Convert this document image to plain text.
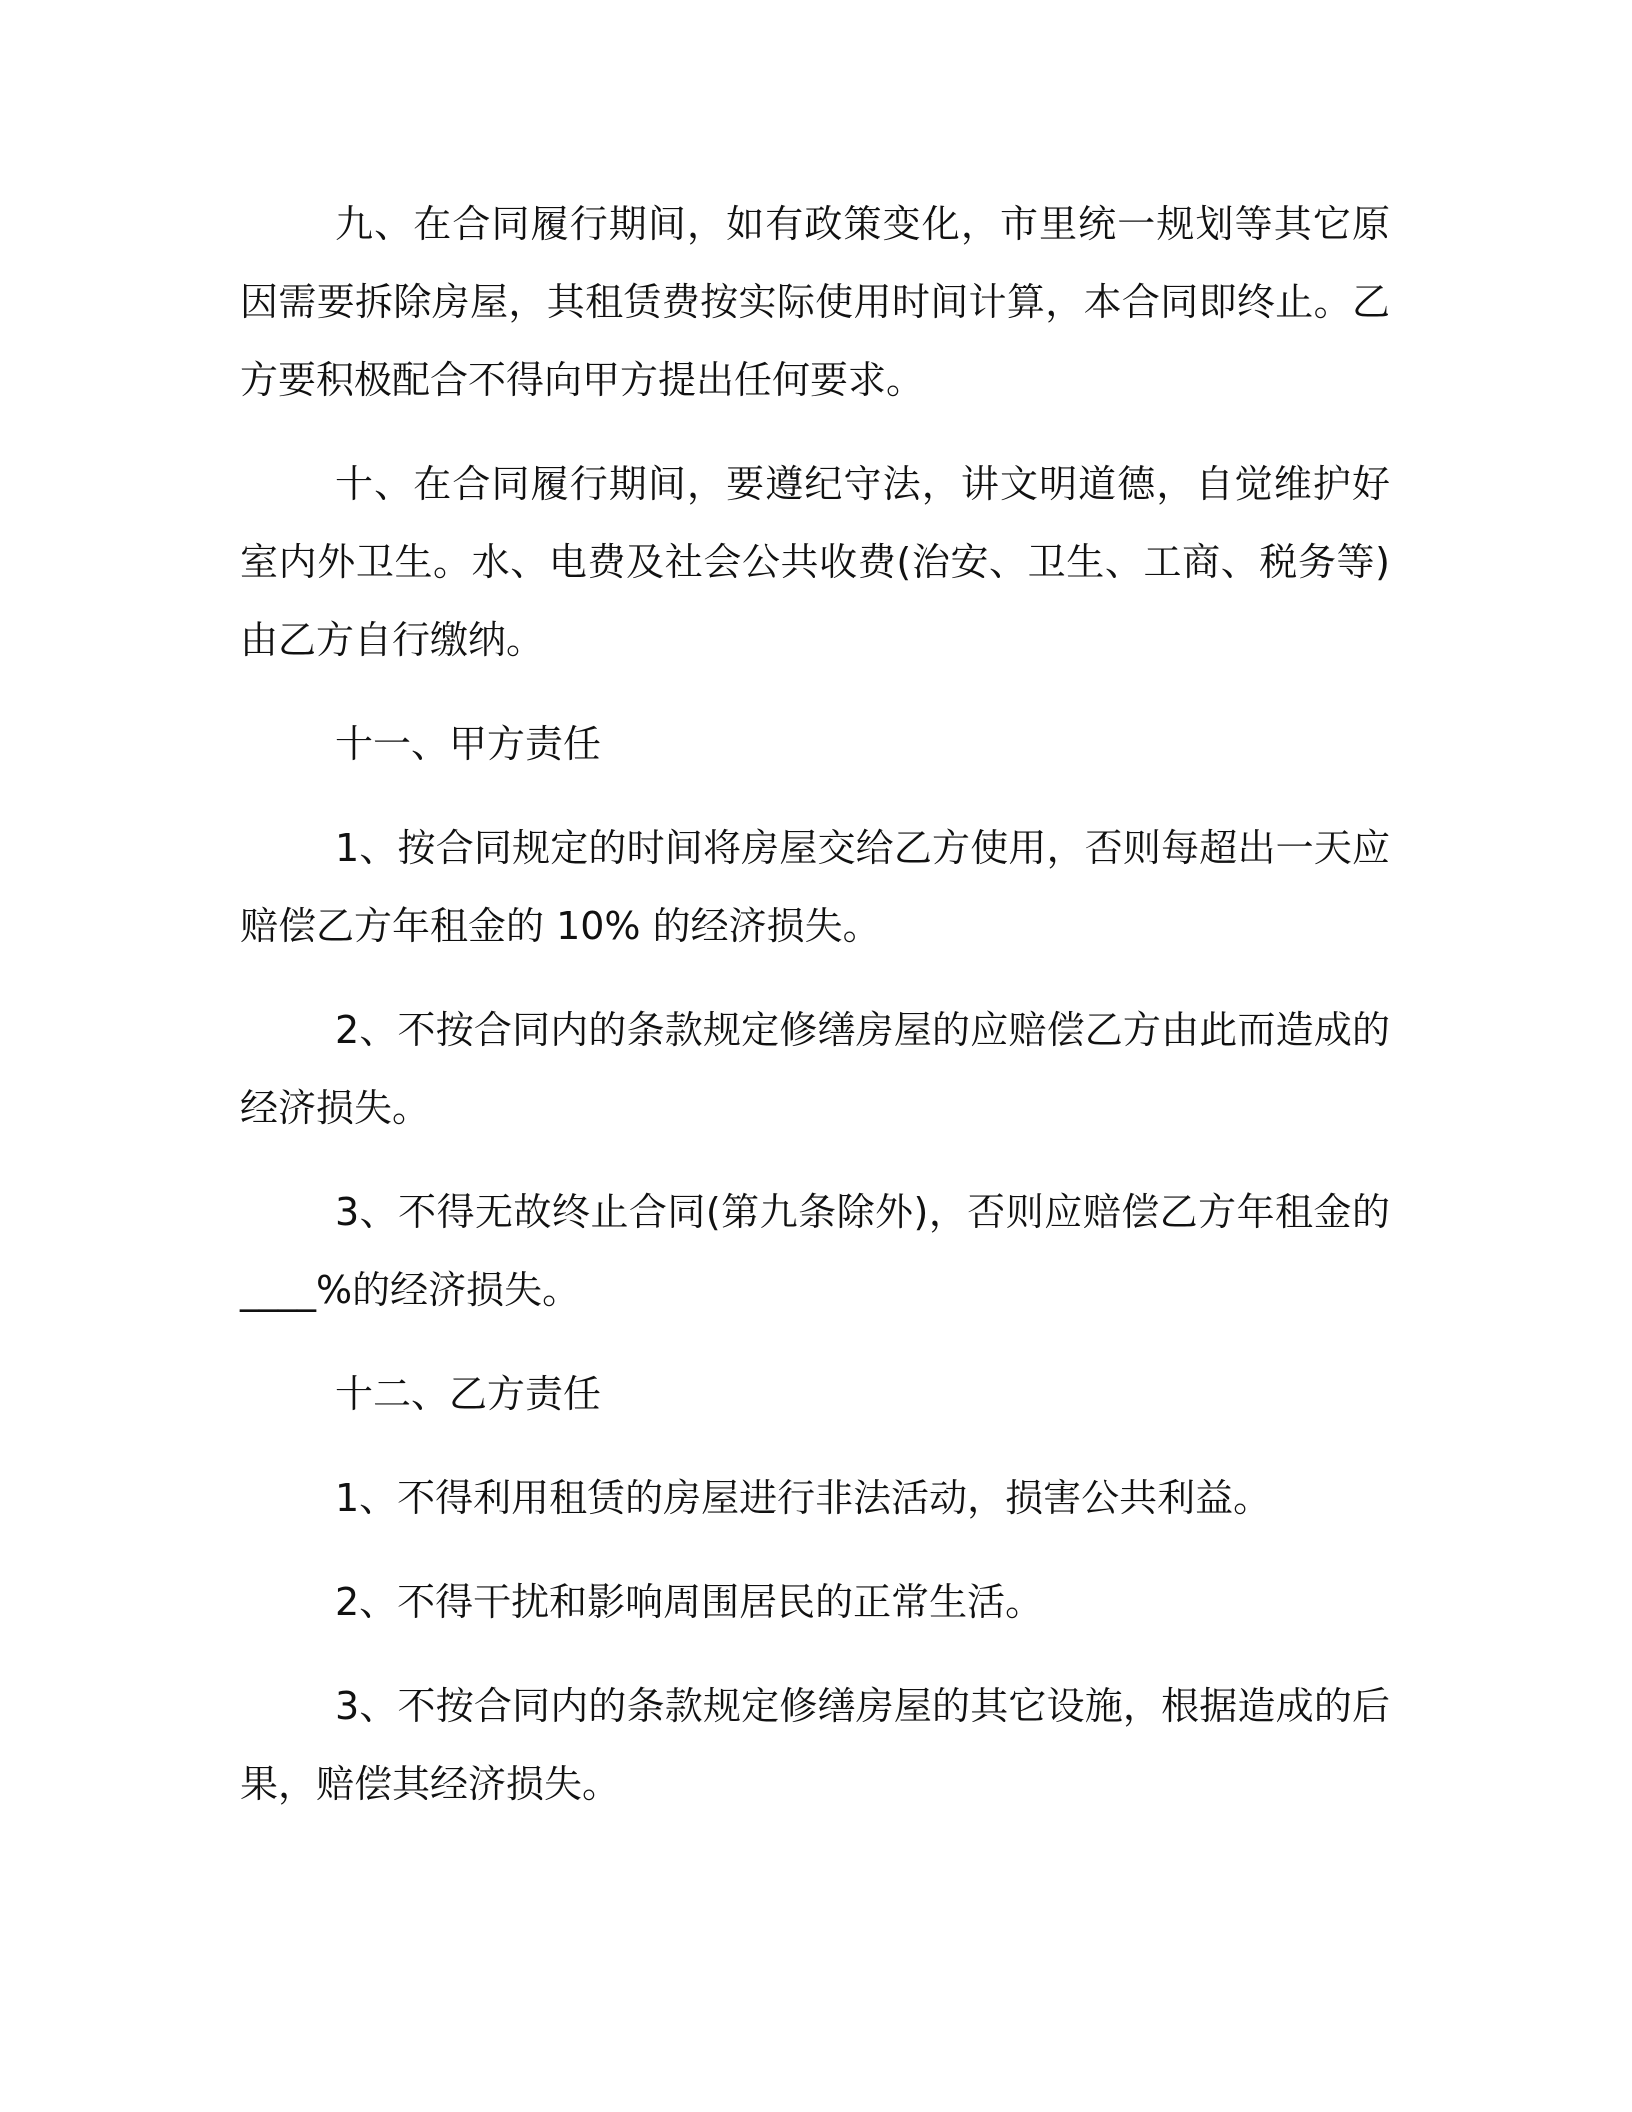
九、在合同履行期间，如有政策变化，市里统一规划等其它原因需要拆除房屋，其租赁费按实际使用时间计算，本合同即终止。乙方要积极配合不得向甲方提出任何要求。

十、在合同履行期间，要遵纪守法，讲文明道德，自觉维护好室内外卫生。水、电费及社会公共收费(治安、卫生、工商、税务等)由乙方自行缴纳。

十一、甲方责任

1、按合同规定的时间将房屋交给乙方使用，否则每超出一天应赔偿乙方年租金的 10% 的经济损失。

2、不按合同内的条款规定修缮房屋的应赔偿乙方由此而造成的经济损失。

3、不得无故终止合同(第九条除外)，否则应赔偿乙方年租金的____%的经济损失。

十二、乙方责任

1、不得利用租赁的房屋进行非法活动，损害公共利益。

2、不得干扰和影响周围居民的正常生活。

3、不按合同内的条款规定修缮房屋的其它设施，根据造成的后果，赔偿其经济损失。
